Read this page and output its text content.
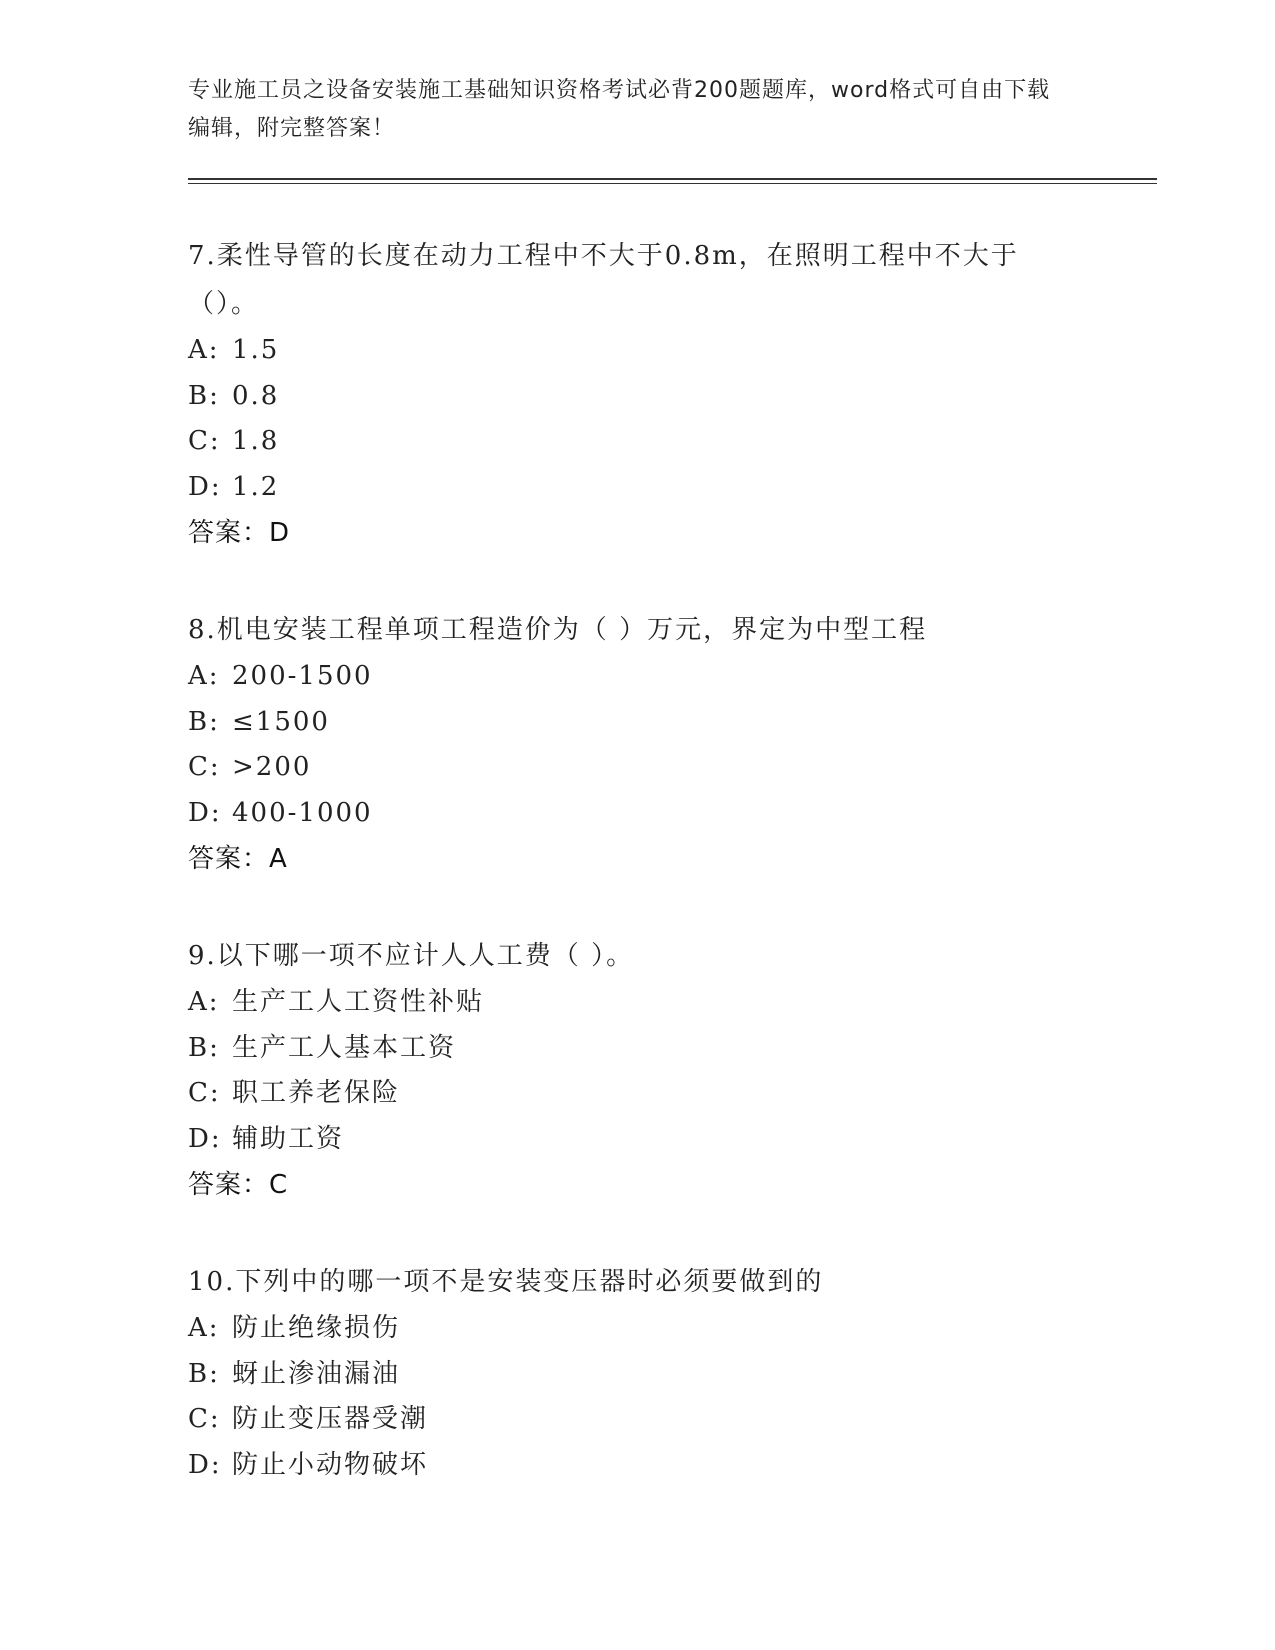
专业施工员之设备安装施工基础知识资格考试必背200题题库，word格式可自由下载编辑，附完整答案！
7.柔性导管的长度在动力工程中不大于0.8m，在照明工程中不大于（）。
A: 1.5
B: 0.8
C: 1.8
D: 1.2
答案：D
8.机电安装工程单项工程造价为（ ）万元，界定为中型工程
A: 200-1500
B: ≤1500
C: >200
D: 400-1000
答案：A
9.以下哪一项不应计人人工费（ ）。
A: 生产工人工资性补贴
B: 生产工人基本工资
C: 职工养老保险
D: 辅助工资
答案：C
10.下列中的哪一项不是安装变压器时必须要做到的
A: 防止绝缘损伤
B: 蚜止渗油漏油
C: 防止变压器受潮
D: 防止小动物破坏
